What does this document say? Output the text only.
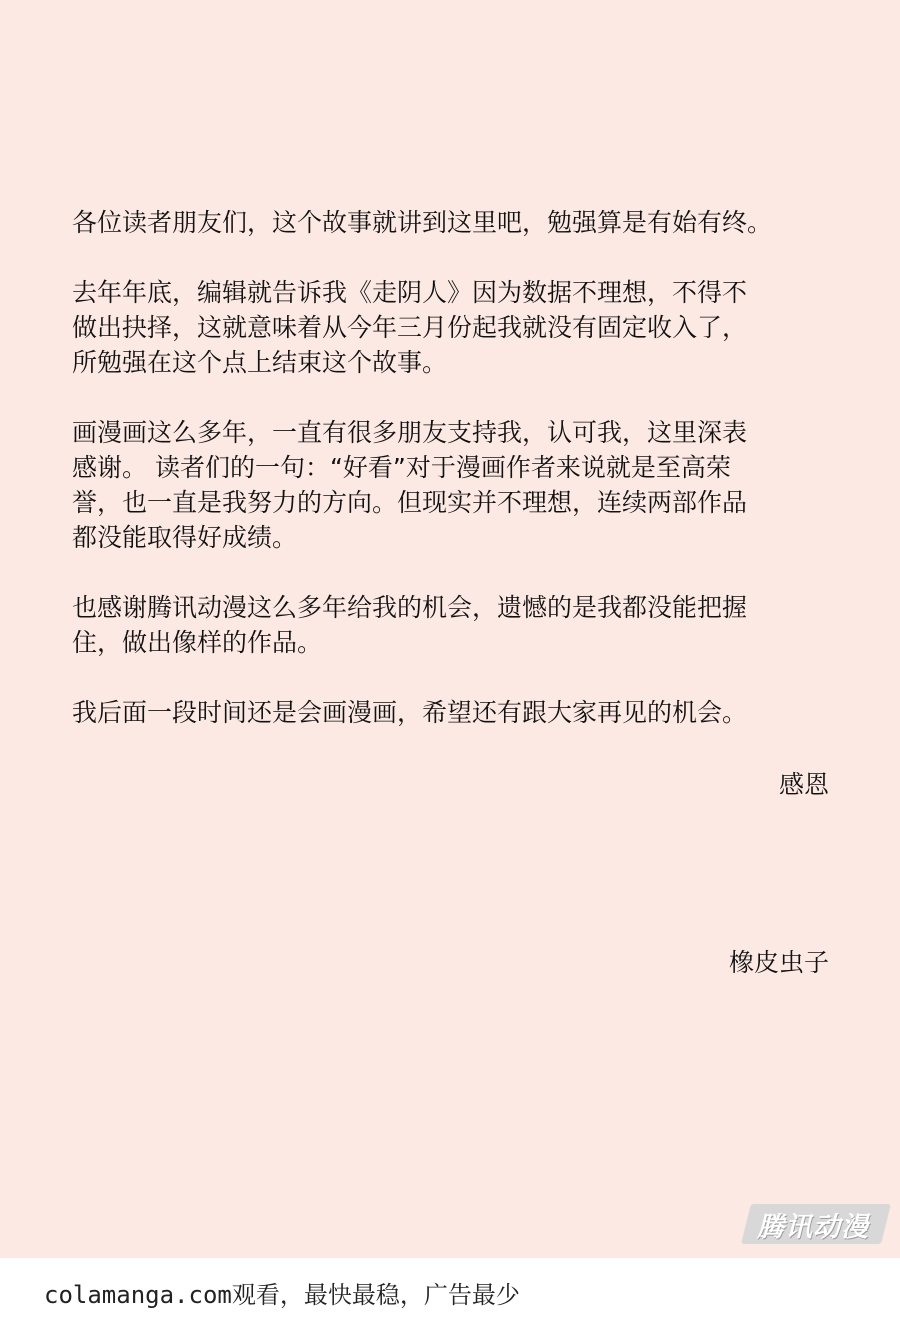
各位读者朋友们，这个故事就讲到这里吧，勉强算是有始有终。

去年年底，编辑就告诉我《走阴人》因为数据不理想，不得不
做出抉择，这就意味着从今年三月份起我就没有固定收入了，
所勉强在这个点上结束这个故事。

画漫画这么多年，一直有很多朋友支持我，认可我，这里深表
感谢。 读者们的一句：“好看”对于漫画作者来说就是至高荣
誉，也一直是我努力的方向。但现实并不理想，连续两部作品
都没能取得好成绩。

也感谢腾讯动漫这么多年给我的机会，遗憾的是我都没能把握
住，做出像样的作品。

我后面一段时间还是会画漫画，希望还有跟大家再见的机会。

感恩
橡皮虫子
腾讯动漫
colamanga.com观看，最快最稳，广告最少
